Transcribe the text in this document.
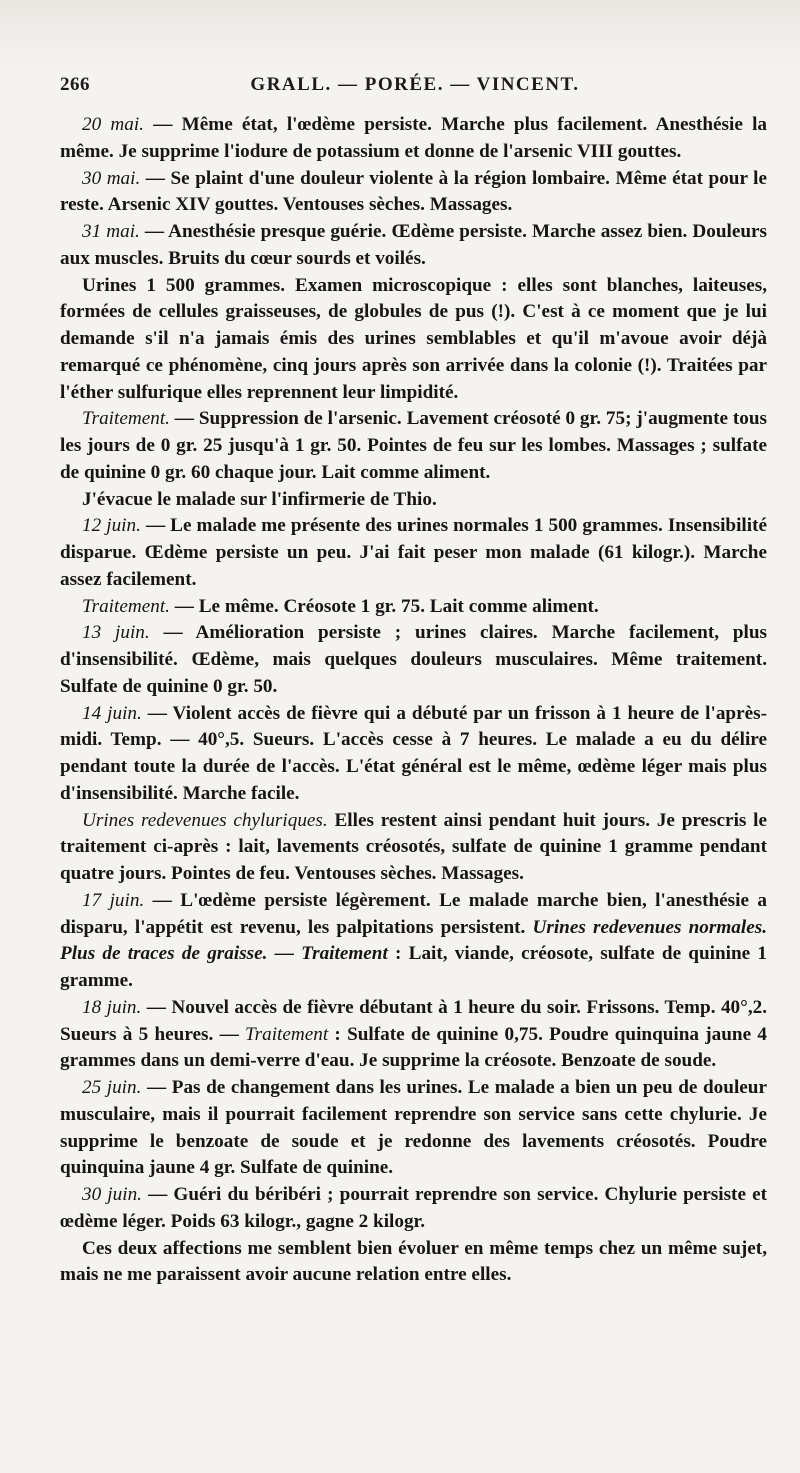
266	GRALL. — PORÉE. — VINCENT.

20 mai. — Même état, l'œdème persiste. Marche plus facilement. Anesthésie la même. Je supprime l'iodure de potassium et donne de l'arsenic VIII gouttes.

30 mai. — Se plaint d'une douleur violente à la région lombaire. Même état pour le reste. Arsenic XIV gouttes. Ventouses sèches. Massages.

31 mai. — Anesthésie presque guérie. Œdème persiste. Marche assez bien. Douleurs aux muscles. Bruits du cœur sourds et voilés.

Urines 1 500 grammes. Examen microscopique : elles sont blanches, laiteuses, formées de cellules graisseuses, de globules de pus (!). C'est à ce moment que je lui demande s'il n'a jamais émis des urines semblables et qu'il m'avoue avoir déjà remarqué ce phénomène, cinq jours après son arrivée dans la colonie (!). Traitées par l'éther sulfurique elles reprennent leur limpidité.

Traitement. — Suppression de l'arsenic. Lavement créosoté 0 gr. 75; j'augmente tous les jours de 0 gr. 25 jusqu'à 1 gr. 50. Pointes de feu sur les lombes. Massages ; sulfate de quinine 0 gr. 60 chaque jour. Lait comme aliment.

J'évacue le malade sur l'infirmerie de Thio.

12 juin. — Le malade me présente des urines normales 1 500 grammes. Insensibilité disparue. Œdème persiste un peu. J'ai fait peser mon malade (61 kilogr.). Marche assez facilement.

Traitement. — Le même. Créosote 1 gr. 75. Lait comme aliment.

13 juin. — Amélioration persiste ; urines claires. Marche facilement, plus d'insensibilité. Œdème, mais quelques douleurs musculaires. Même traitement. Sulfate de quinine 0 gr. 50.

14 juin. — Violent accès de fièvre qui a débuté par un frisson à 1 heure de l'après-midi. Temp. — 40°,5. Sueurs. L'accès cesse à 7 heures. Le malade a eu du délire pendant toute la durée de l'accès. L'état général est le même, œdème léger mais plus d'insensibilité. Marche facile.

Urines redevenues chyluriques. Elles restent ainsi pendant huit jours. Je prescris le traitement ci-après : lait, lavements créosotés, sulfate de quinine 1 gramme pendant quatre jours. Pointes de feu. Ventouses sèches. Massages.

17 juin. — L'œdème persiste légèrement. Le malade marche bien, l'anesthésie a disparu, l'appétit est revenu, les palpitations persistent. Urines redevenues normales. Plus de traces de graisse. — Traitement : Lait, viande, créosote, sulfate de quinine 1 gramme.

18 juin. — Nouvel accès de fièvre débutant à 1 heure du soir. Frissons. Temp. 40°,2. Sueurs à 5 heures. — Traitement : Sulfate de quinine 0,75. Poudre quinquina jaune 4 grammes dans un demi-verre d'eau. Je supprime la créosote. Benzoate de soude.

25 juin. — Pas de changement dans les urines. Le malade a bien un peu de douleur musculaire, mais il pourrait facilement reprendre son service sans cette chylurie. Je supprime le benzoate de soude et je redonne des lavements créosotés. Poudre quinquina jaune 4 gr. Sulfate de quinine.

30 juin. — Guéri du béribéri ; pourrait reprendre son service. Chylurie persiste et œdème léger. Poids 63 kilogr., gagne 2 kilogr.

Ces deux affections me semblent bien évoluer en même temps chez un même sujet, mais ne me paraissent avoir aucune relation entre elles.
